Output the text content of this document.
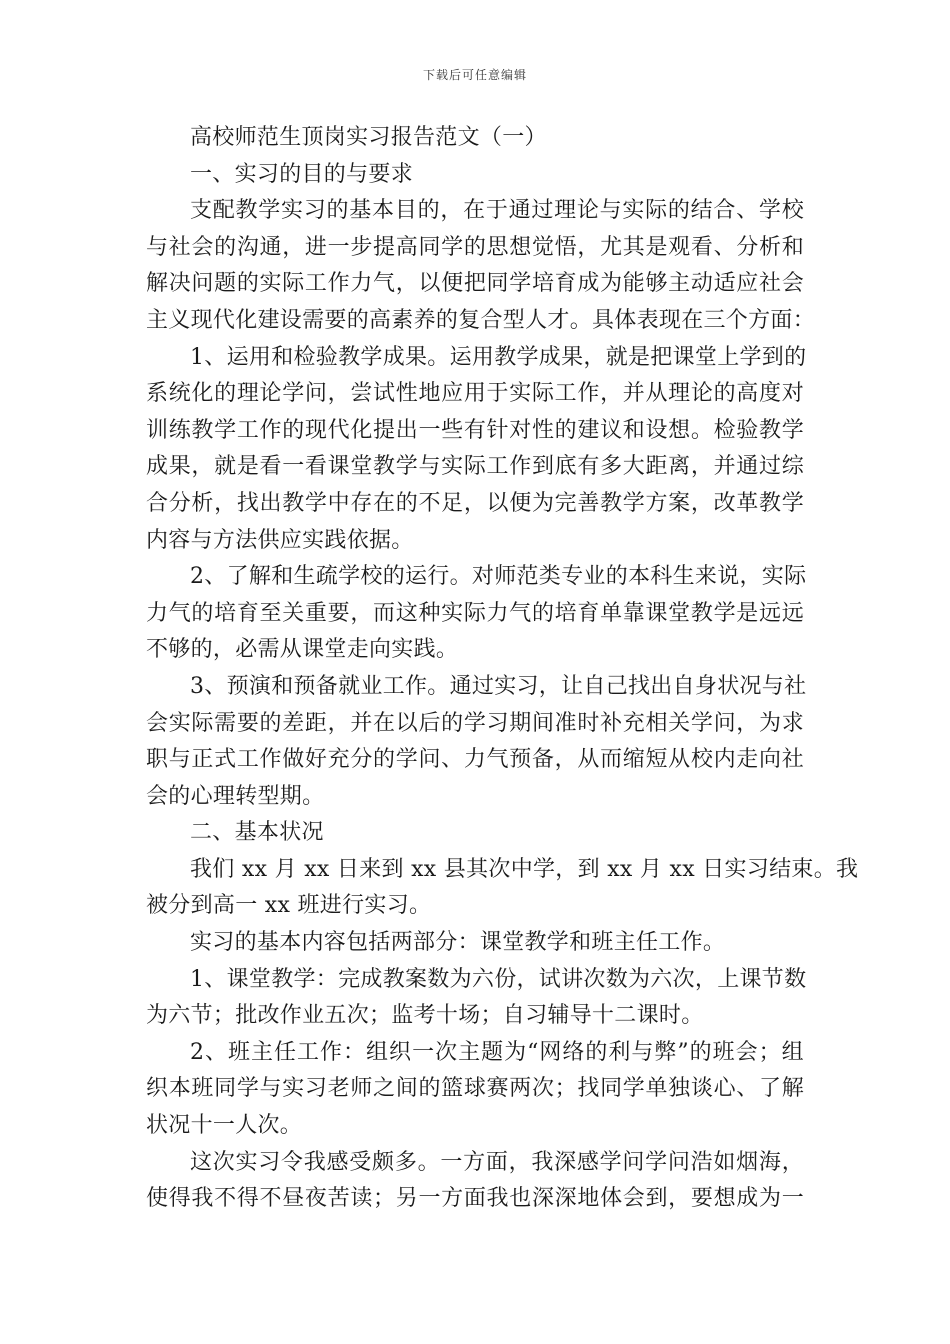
下载后可任意编辑
高校师范生顶岗实习报告范文（一）
一、实习的目的与要求
支配教学实习的基本目的，在于通过理论与实际的结合、学校
与社会的沟通，进一步提高同学的思想觉悟，尤其是观看、分析和
解决问题的实际工作力气，以便把同学培育成为能够主动适应社会
主义现代化建设需要的高素养的复合型人才。具体表现在三个方面：
1、运用和检验教学成果。运用教学成果，就是把课堂上学到的
系统化的理论学问，尝试性地应用于实际工作，并从理论的高度对
训练教学工作的现代化提出一些有针对性的建议和设想。检验教学
成果，就是看一看课堂教学与实际工作到底有多大距离，并通过综
合分析，找出教学中存在的不足，以便为完善教学方案，改革教学
内容与方法供应实践依据。
2、了解和生疏学校的运行。对师范类专业的本科生来说，实际
力气的培育至关重要，而这种实际力气的培育单靠课堂教学是远远
不够的，必需从课堂走向实践。
3、预演和预备就业工作。通过实习，让自己找出自身状况与社
会实际需要的差距，并在以后的学习期间准时补充相关学问，为求
职与正式工作做好充分的学问、力气预备，从而缩短从校内走向社
会的心理转型期。
二、基本状况
我们 xx 月 xx 日来到 xx 县其次中学，到 xx 月 xx 日实习结束。我
被分到高一 xx 班进行实习。
实习的基本内容包括两部分：课堂教学和班主任工作。
1、课堂教学：完成教案数为六份，试讲次数为六次，上课节数
为六节；批改作业五次；监考十场；自习辅导十二课时。
2、班主任工作：组织一次主题为“网络的利与弊”的班会；组
织本班同学与实习老师之间的篮球赛两次；找同学单独谈心、了解
状况十一人次。
这次实习令我感受颇多。一方面，我深感学问学问浩如烟海，
使得我不得不昼夜苦读；另一方面我也深深地体会到，要想成为一
